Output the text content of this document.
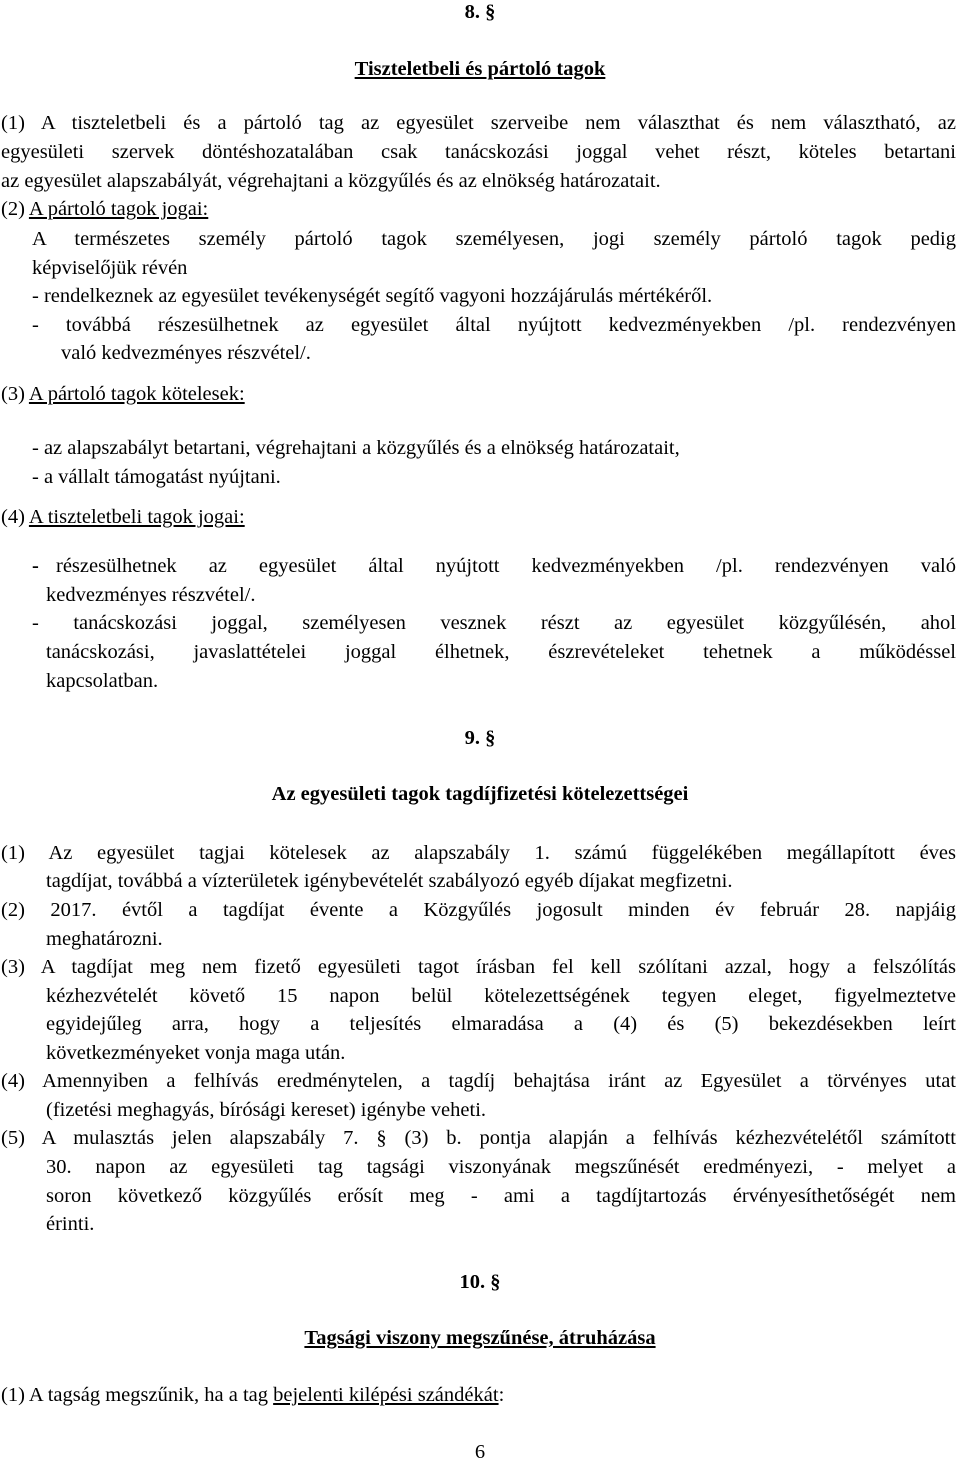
8. §
Tiszteletbeli és pártoló tagok
(1) A tiszteletbeli és a pártoló tag az egyesület szerveibe nem választhat és nem választható, az
egyesületi szervek döntéshozatalában csak tanácskozási joggal vehet részt, köteles betartani
az egyesület alapszabályát, végrehajtani a közgyűlés és az elnökség határozatait.
(2) A pártoló tagok jogai:
A természetes személy pártoló tagok személyesen, jogi személy pártoló tagok pedig
képviselőjük révén
- rendelkeznek az egyesület tevékenységét segítő vagyoni hozzájárulás mértékéről.
- továbbá részesülhetnek az egyesület által nyújtott kedvezményekben /pl. rendezvényen
való kedvezményes részvétel/.
(3) A pártoló tagok kötelesek:
- az alapszabályt betartani, végrehajtani a közgyűlés és a elnökség határozatait,
- a vállalt támogatást nyújtani.
(4) A tiszteletbeli tagok jogai:
- részesülhetnek az egyesület által nyújtott kedvezményekben /pl. rendezvényen való
kedvezményes részvétel/.
- tanácskozási joggal, személyesen vesznek részt az egyesület közgyűlésén, ahol
tanácskozási, javaslattételei joggal élhetnek, észrevételeket tehetnek a működéssel
kapcsolatban.
9. §
Az egyesületi tagok tagdíjfizetési kötelezettségei
(1) Az egyesület tagjai kötelesek az alapszabály 1. számú függelékében megállapított éves
tagdíjat, továbbá a vízterületek igénybevételét szabályozó egyéb díjakat megfizetni.
(2) 2017. évtől a tagdíjat évente a Közgyűlés jogosult minden év február 28. napjáig
meghatározni.
(3) A tagdíjat meg nem fizető egyesületi tagot írásban fel kell szólítani azzal, hogy a felszólítás
kézhezvételét követő 15 napon belül kötelezettségének tegyen eleget, figyelmeztetve
egyidejűleg arra, hogy a teljesítés elmaradása a (4) és (5) bekezdésekben leírt
következményeket vonja maga után.
(4) Amennyiben a felhívás eredménytelen, a tagdíj behajtása iránt az Egyesület a törvényes utat
(fizetési meghagyás, bírósági kereset) igénybe veheti.
(5) A mulasztás jelen alapszabály 7. § (3) b. pontja alapján a felhívás kézhezvételétől számított
30. napon az egyesületi tag tagsági viszonyának megszűnését eredményezi, - melyet a
soron következő közgyűlés erősít meg - ami a tagdíjtartozás érvényesíthetőségét nem
érinti.
10. §
Tagsági viszony megszűnése, átruházása
(1) A tagság megszűnik, ha a tag bejelenti kilépési szándékát:
6
